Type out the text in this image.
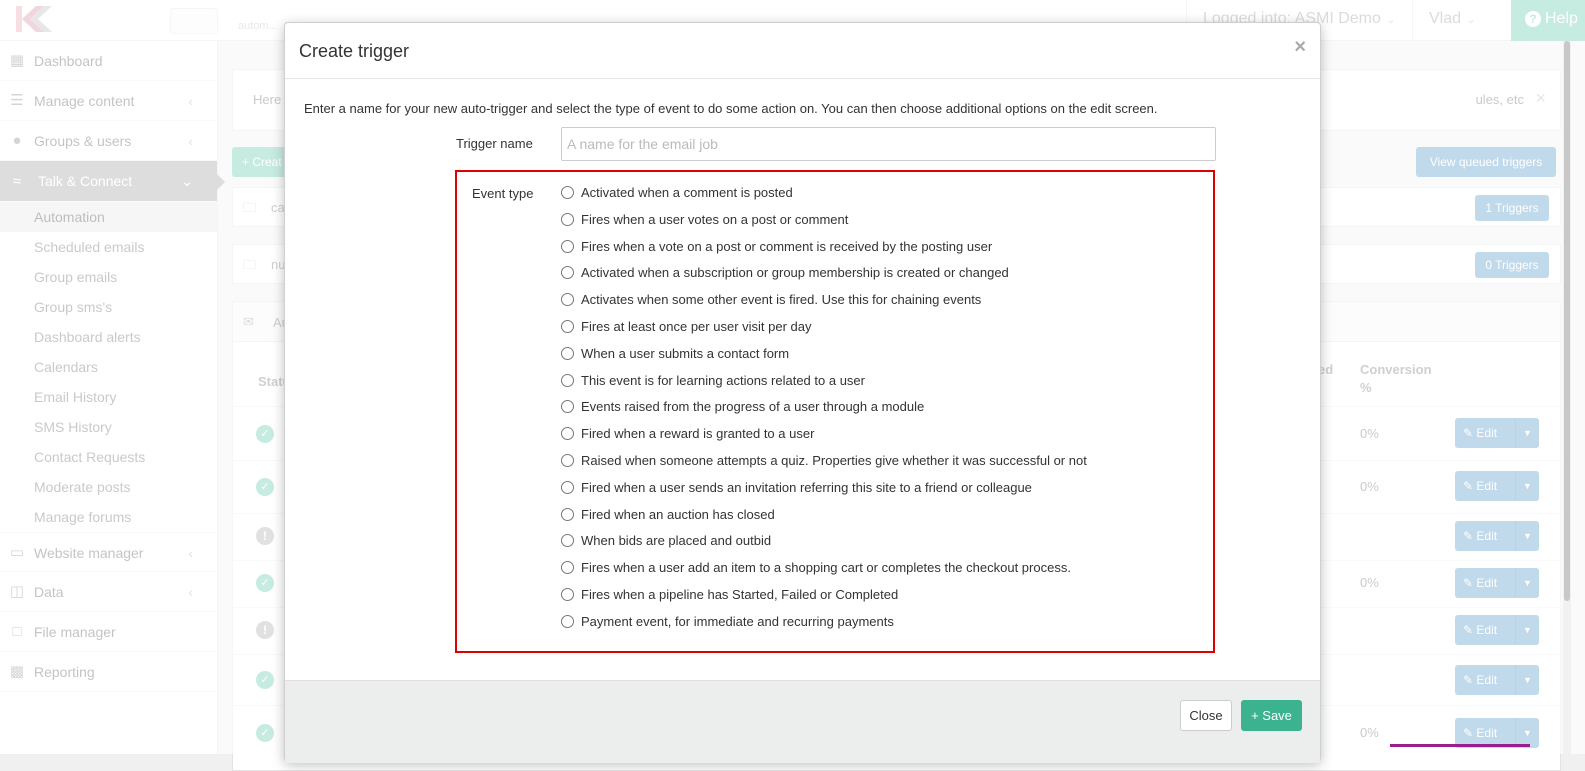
Create trigger	×
Enter a name for your new auto-trigger and select the type of event to do some action on. You can then choose additional options on the edit screen.
Trigger name
A name for the email job
Event type	Activated when a comment is posted
Fires when a user votes on a post or comment
Fires when a vote on a post or comment is received by the posting user
Activated when a subscription or group membership is created or changed
Activates when some other event is fired. Use this for chaining events
Fires at least once per user visit per day
When a user submits a contact form
This event is for learning actions related to a user
Events raised from the progress of a user through a module
Fired when a reward is granted to a user
Raised when someone attempts a quiz. Properties give whether it was successful or not
Fired when a user sends an invitation referring this site to a friend or colleague
Fired when an auction has closed
When bids are placed and outbid
Fires when a user add an item to a shopping cart or completes the checkout process.
Fires when a pipeline has Started, Failed or Completed
Payment event, for immediate and recurring payments
Close	+ Save
